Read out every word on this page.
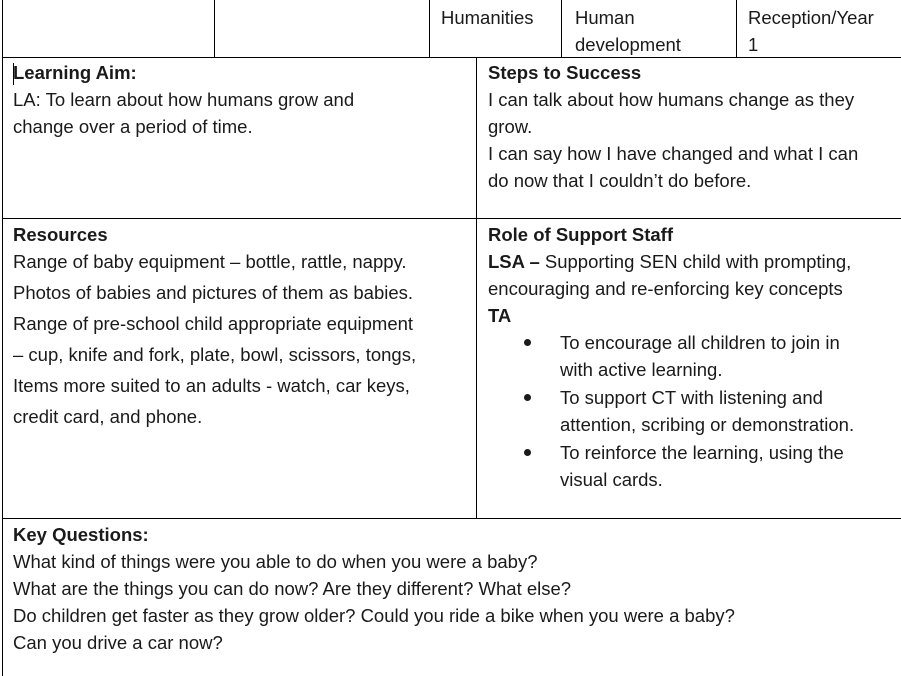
Humanities Human
development
Reception/Year
1
Learning Aim:
LA: To learn about how humans grow and
change over a period of time.
Steps to Success
I can talk about how humans change as they
grow.
I can say how I have changed and what I can
do now that I couldn’t do before.
Resources
Range of baby equipment – bottle, rattle, nappy.
Photos of babies and pictures of them as babies.
Range of pre-school child appropriate equipment
– cup, knife and fork, plate, bowl, scissors, tongs,
Items more suited to an adults - watch, car keys,
credit card, and phone.
Role of Support Staff
LSA – Supporting SEN child with prompting,
encouraging and re-enforcing key concepts
TA
To encourage all children to join in
with active learning.
To support CT with listening and
attention, scribing or demonstration.
To reinforce the learning, using the
visual cards.
Key Questions:
What kind of things were you able to do when you were a baby?
What are the things you can do now? Are they different? What else?
Do children get faster as they grow older? Could you ride a bike when you were a baby?
Can you drive a car now?
